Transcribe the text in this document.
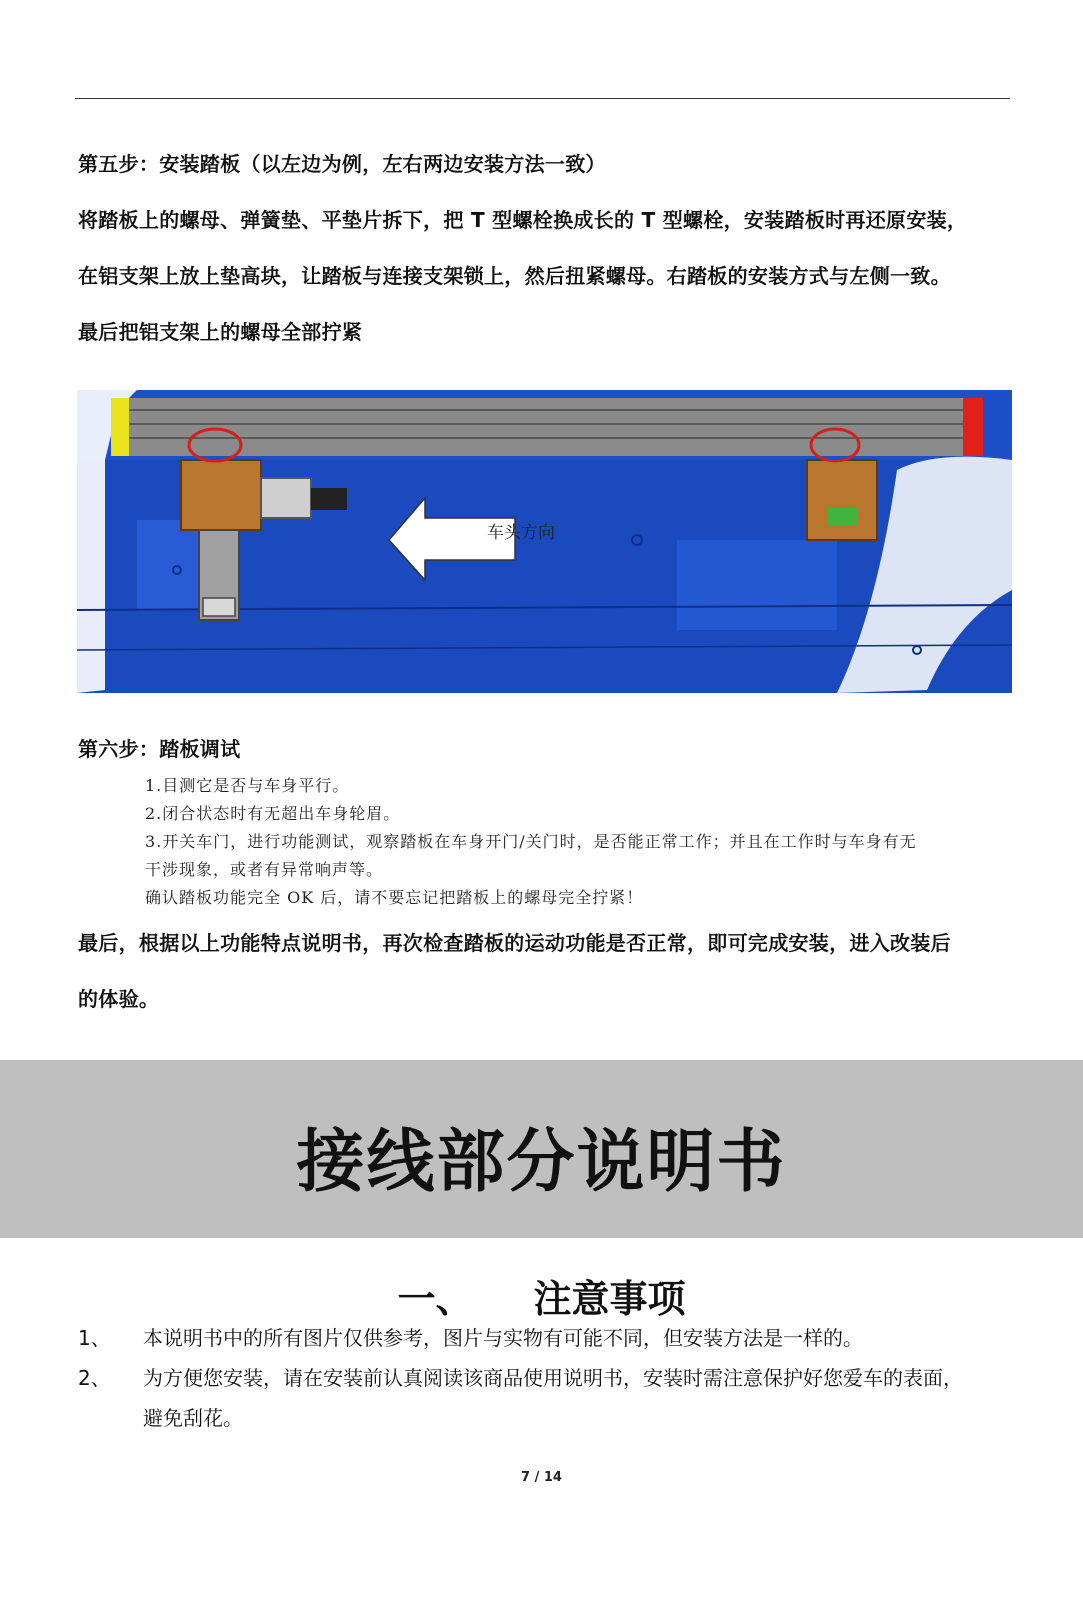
第五步：安装踏板（以左边为例，左右两边安装方法一致）
将踏板上的螺母、弹簧垫、平垫片拆下，把 T 型螺栓换成长的 T 型螺栓，安装踏板时再还原安装，
在铝支架上放上垫高块，让踏板与连接支架锁上，然后扭紧螺母。右踏板的安装方式与左侧一致。
最后把铝支架上的螺母全部拧紧
车头方向
第六步：踏板调试
1.目测它是否与车身平行。
2.闭合状态时有无超出车身轮眉。
3.开关车门，进行功能测试，观察踏板在车身开门/关门时，是否能正常工作；并且在工作时与车身有无
干涉现象，或者有异常响声等。
确认踏板功能完全 OK 后，请不要忘记把踏板上的螺母完全拧紧！
最后，根据以上功能特点说明书，再次检查踏板的运动功能是否正常，即可完成安装，进入改装后
的体验。
接线部分说明书
一、 注意事项
1、 本说明书中的所有图片仅供参考，图片与实物有可能不同，但安装方法是一样的。
2、 为方便您安装，请在安装前认真阅读该商品使用说明书，安装时需注意保护好您爱车的表面，
避免刮花。
7 / 14
